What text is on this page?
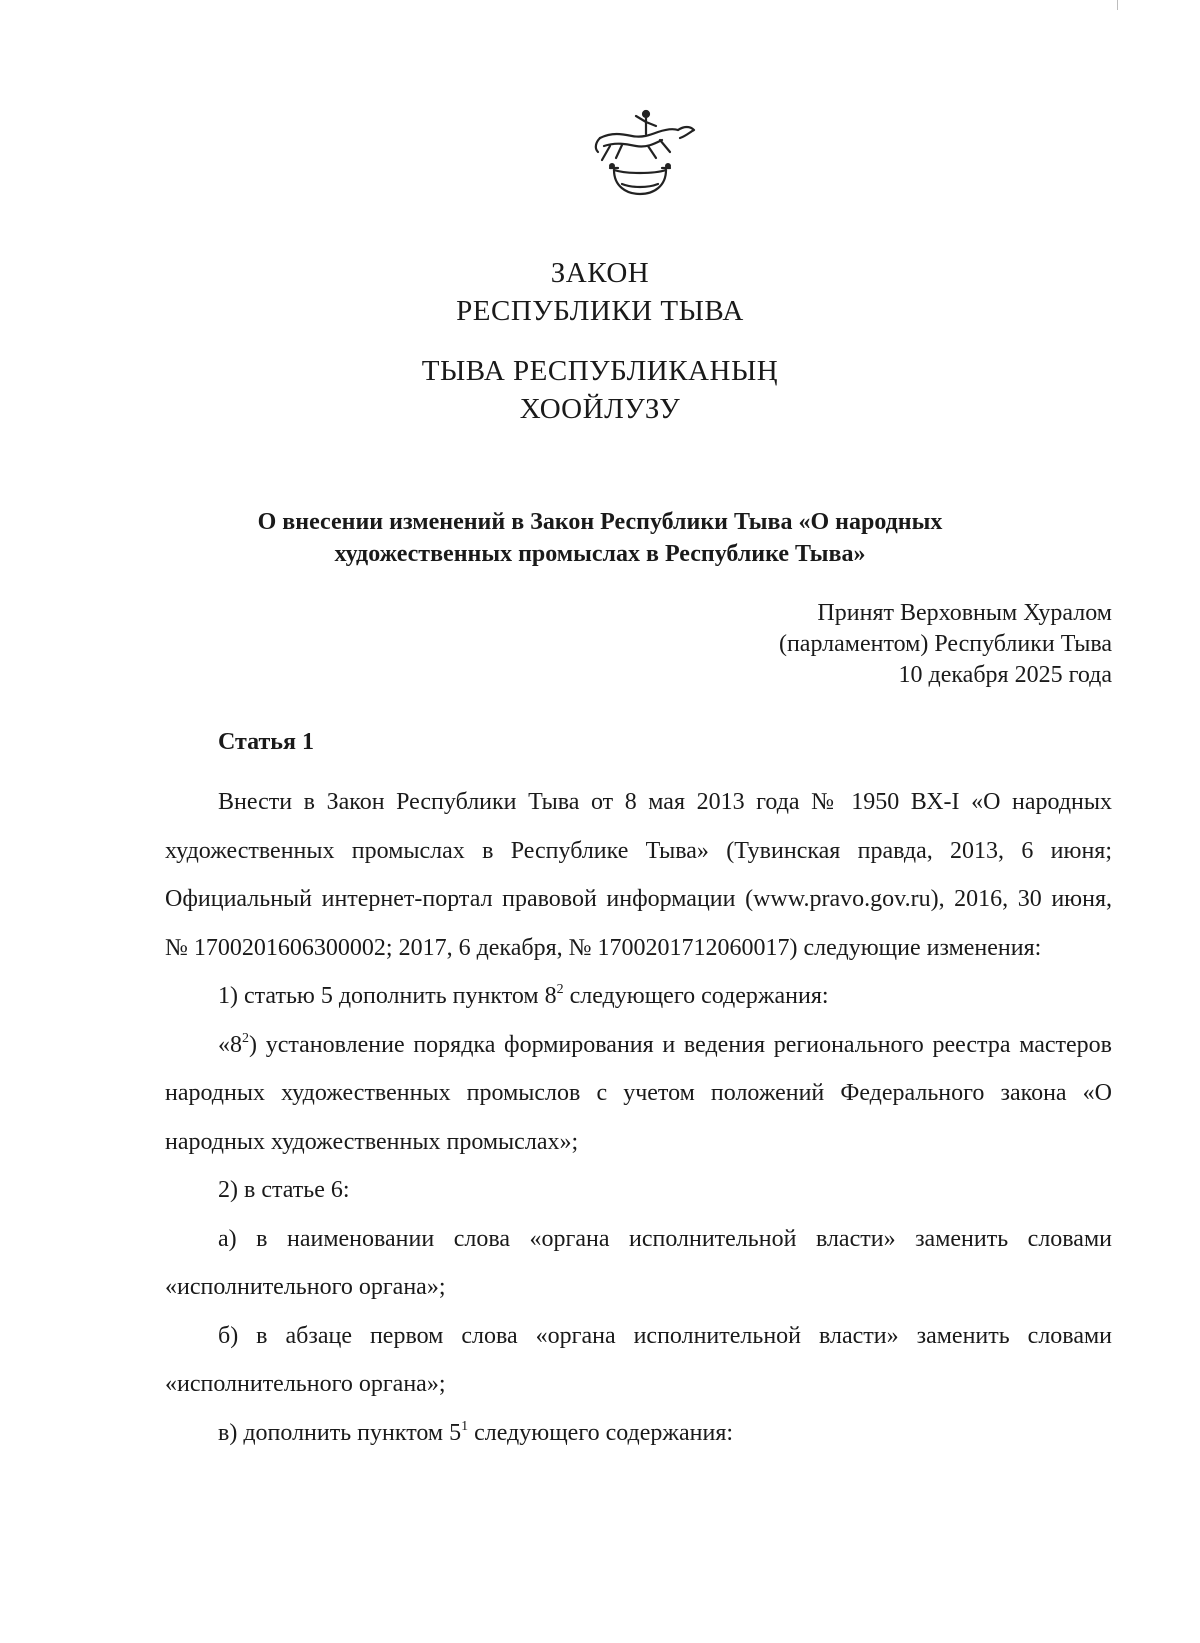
ЗАКОН
РЕСПУБЛИКИ ТЫВА
ТЫВА РЕСПУБЛИКАНЫҢ
ХООЙЛУЗУ
О внесении изменений в Закон Республики Тыва «О народных
художественных промыслах в Республике Тыва»
Принят Верховным Хуралом
(парламентом) Республики Тыва
10 декабря 2025 года
Статья 1

Внести в Закон Республики Тыва от 8 мая 2013 года № 1950 ВХ-I «О народных художественных промыслах в Республике Тыва» (Тувинская правда, 2013, 6 июня; Официальный интернет-портал правовой информации (www.pravo.gov.ru), 2016, 30 июня, № 1700201606300002; 2017, 6 декабря, № 1700201712060017) следующие изменения:

1) статью 5 дополнить пунктом $8^2$ следующего содержания:

«$8^2$) установление порядка формирования и ведения регионального реестра мастеров народных художественных промыслов с учетом положений Федерального закона «О народных художественных промыслах»;

2) в статье 6:

а) в наименовании слова «органа исполнительной власти» заменить словами «исполнительного органа»;

б) в абзаце первом слова «органа исполнительной власти» заменить словами «исполнительного органа»;

в) дополнить пунктом $5^1$ следующего содержания:
